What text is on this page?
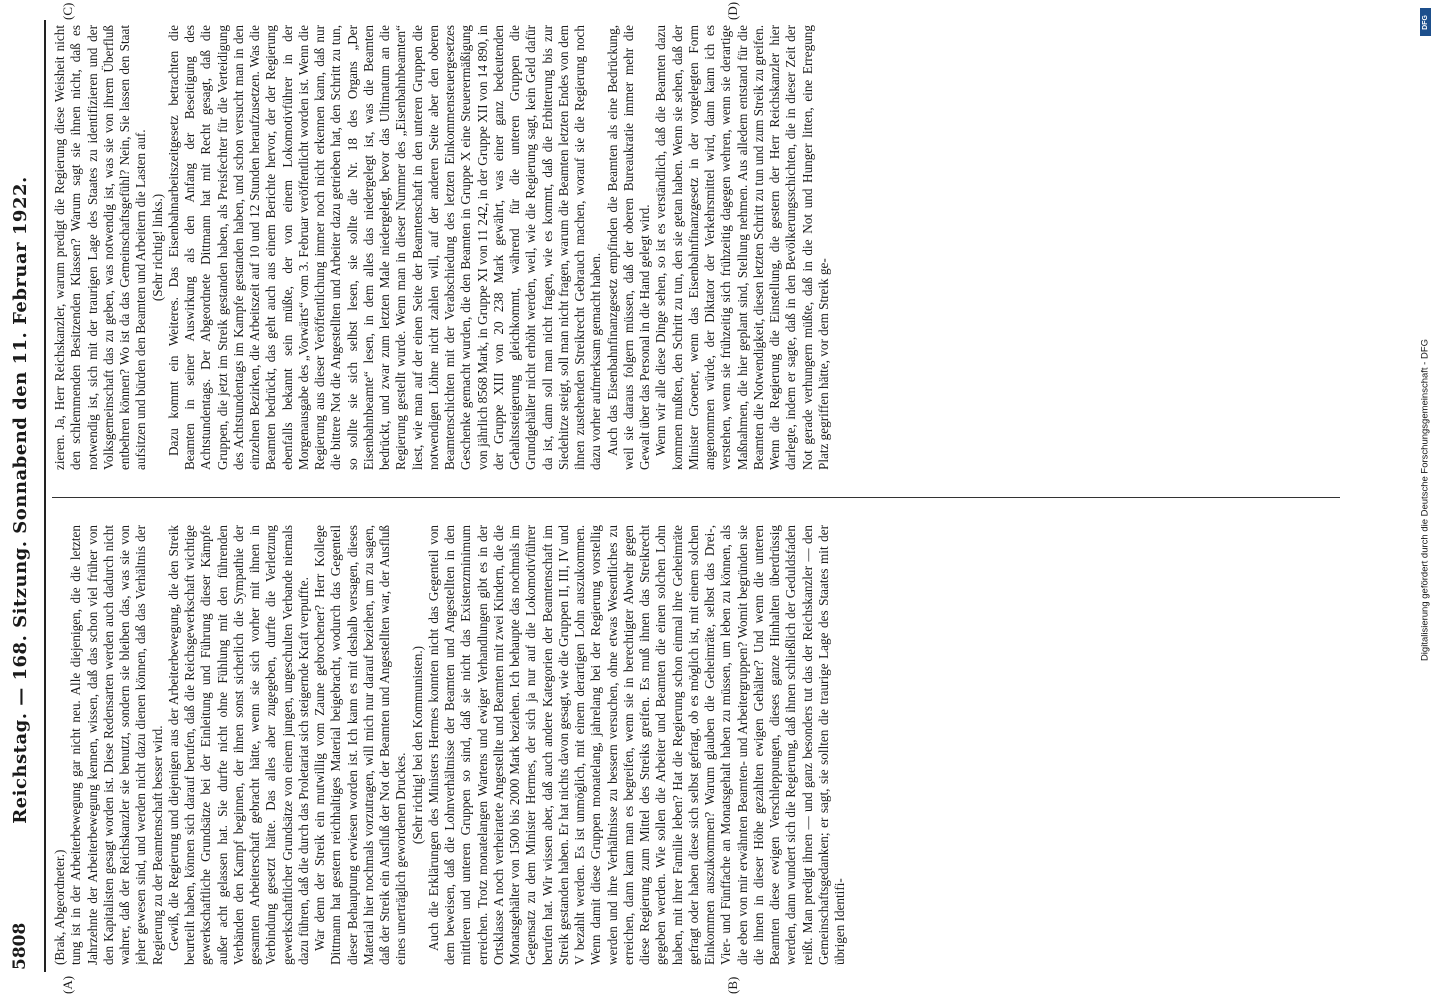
5808
Reichstag. — 168. Sitzung. Sonnabend den 11. Februar 1922.

(Brak, Abgeordneter.) tung ist in der Arbeiterbewegung gar nicht neu. Alle diejenigen, die die letzten Jahrzehnte der Arbeiterbewegung kennen, wissen, daß das schon viel früher von den Kapitalisten gesagt worden ist. Diese Redensarten werden auch dadurch nicht wahrer, daß der Reichskanzler sie benutzt, sondern sie bleiben das, was sie von jeher gewesen sind, und werden nicht dazu dienen können, daß das Verhältnis der Regierung zu der Beamtenschaft besser wird. Gewiß, die Regierung und diejenigen aus der Arbeiterbewegung, die den Streik beurteilt haben, können sich darauf berufen, daß die Reichsgewerkschaft wichtige gewerkschaftliche Grundsätze bei der Einleitung und Führung dieser Kämpfe außer acht gelassen hat. Sie durfte nicht ohne Fühlung mit den führenden Verbänden den Kampf beginnen, der ihnen sonst sicherlich die Sympathie der gesamten Arbeiterschaft gebracht hätte, wenn sie sich vorher mit ihnen in Verbindung gesetzt hätte. Das alles aber zugegeben, durfte die Verletzung gewerkschaftlicher Grundsätze von einem jungen, ungeschulten Verbande niemals dazu führen, daß die durch das Proletariat sich steigernde Kraft verpuffte. War denn der Streik ein mutwillig vom Zaune gebrochener? Herr Kollege Dittmann hat gestern reichhaltiges Material beigebracht, wodurch das Gegenteil dieser Behauptung erwiesen worden ist. Ich kann es mit deshalb versagen, dieses Material hier nochmals vorzutragen, will mich nur darauf beziehen, um zu sagen, daß der Streik ein Ausfluß der Not der Beamten und Angestellten war, der Ausfluß eines unerträglich gewordenen Druckes.

(Sehr richtig! bei den Kommunisten.) Auch die Erklärungen des Ministers Hermes konnten nicht das Gegenteil von dem beweisen, daß die Lohnverhältnisse der Beamten und Angestellten in den mittleren und unteren Gruppen so sind, daß sie nicht das Existenzminimum erreichen. Trotz monatelangen Wartens und ewiger Verhandlungen gibt es in der Ortsklasse A noch verheiratete Angestellte und Beamten mit zwei Kindern, die die Monatsgehälter von 1500 bis 2000 Mark beziehen. Ich behaupte das nochmals im Gegensatz zu dem Minister Hermes, der sich ja nur auf die Lokomotivführer berufen hat. Wir wissen aber, daß auch andere Kategorien der Beamtenschaft im Streik gestanden haben. Er hat nichts davon gesagt, wie die Gruppen II, III, IV und V bezahlt werden. Es ist unmöglich, mit einem derartigen Lohn auszukommen. Wenn damit diese Gruppen monatelang, jahrelang bei der Regierung vorstellig werden und ihre Verhältnisse zu bessern versuchen, ohne etwas Wesentliches zu erreichen, dann kann man es begreifen, wenn sie in berechtigter Abwehr gegen diese Regierung zum Mittel des Streiks greifen. Es muß ihnen das Streikrecht gegeben werden. Wie sollen die Arbeiter und Beamten die einen solchen Lohn haben, mit ihrer Familie leben? Hat die Regierung schon einmal ihre Geheimräte gefragt oder haben diese sich selbst gefragt, ob es möglich ist, mit einem solchen Einkommen auszukommen? Warum glauben die Geheimräte, selbst das Drei-, Vier- und Fünffache an Monatsgehalt haben zu müssen, um leben zu können, als die eben von mir erwähnten Beamten- und Arbeitergruppen? Womit begründen sie die ihnen in dieser Höhe gezahlten ewigen Gehälter? Und wenn die unteren Beamten diese ewigen Verschleppungen, dieses ganze Hinhalten überdrüssig werden, dann wundert sich die Regierung, daß ihnen schließlich der Geduldsfaden reißt. Man predigt ihnen — und ganz besonders tut das der Reichskanzler — den Gemeinschaftsgedanken; er sagt, sie sollten die traurige Lage des Staates mit der übrigen Identifi-

zieren. Ja, Herr Reichskanzler, warum predigt die Regierung diese Weisheit nicht den schlemmenden Besitzenden Klassen? Warum sagt sie ihnen nicht, daß es notwendig ist, sich mit der traurigen Lage des Staates zu identifizieren und der Volksgemeinschaft das zu geben, was notwendig ist, was sie von ihrem Überfluß entbehren können? Wo ist da das Gemeinschaftsgefühl? Nein, Sie lassen den Staat aufsitzen und bürden den Beamten und Arbeitern die Lasten auf. (Sehr richtig! links.) Dazu kommt ein Weiteres. Das Eisenbahnarbeitszeitgesetz betrachten die Beamten in seiner Auswirkung als den Anfang der Beseitigung des Achtstundentags. Der Abgeordnete Dittmann hat mit Recht gesagt, daß die Gruppen, die jetzt im Streik gestanden haben, als Preisfechter für die Verteidigung des Achtstundentags im Kampfe gestanden haben, und schon versucht man in den einzelnen Bezirken, die Arbeitszeit auf 10 und 12 Stunden heraufzusetzen. Was die Beamten bedrückt, das geht auch aus einem Berichte hervor, der der Regierung ebenfalls bekannt sein müßte, der von einem Lokomotivführer in der Morgenausgabe des „Vorwärts“ vom 3. Februar veröffentlicht worden ist. Wenn die Regierung aus dieser Veröffentlichung immer noch nicht erkennen kann, daß nur die bittere Not die Angestellten und Arbeiter dazu getrieben hat, den Schritt zu tun, so sollte sie sich selbst lesen, sie sollte die Nr. 18 des Organs „Der Eisenbahnbeamte“ lesen, in dem alles das niedergelegt ist, was die Beamten bedrückt, und zwar zum letzten Male niedergelegt, bevor das Ultimatum an die Regierung gestellt wurde. Wenn man in dieser Nummer des „Eisenbahnbeamten“ liest, wie man auf der einen Seite der Beamtenschaft in den unteren Gruppen die notwendigen Löhne nicht zahlen will, auf der anderen Seite aber den oberen Beamtenschichten mit der Verabschiedung des letzten Einkommensteuergesetzes Geschenke gemacht wurden, die den Beamten in Gruppe X eine Steuerermäßigung von jährlich 8568 Mark, in Gruppe XI von 11 242, in der Gruppe XII von 14 890, in der Gruppe XIII von 20 238 Mark gewährt, was einer ganz bedeutenden Gehaltssteigerung gleichkommt, während für die unteren Gruppen die Grundgehälter nicht erhöht werden, weil, wie die Regierung sagt, kein Geld dafür da ist, dann soll man nicht fragen, wie es kommt, daß die Erbitterung bis zur Siedehitze steigt, soll man nicht fragen, warum die Beamten letzten Endes von dem ihnen zustehenden Streikrecht Gebrauch machen, worauf sie die Regierung noch dazu vorher aufmerksam gemacht haben. Auch das Eisenbahnfinanzgesetz empfinden die Beamten als eine Bedrückung, weil sie daraus folgern müssen, daß der oberen Bureaukratie immer mehr die Gewalt über das Personal in die Hand gelegt wird. Wenn wir alle diese Dinge sehen, so ist es verständlich, daß die Beamten dazu kommen mußten, den Schritt zu tun, den sie getan haben. Wenn sie sehen, daß der Minister Groener, wenn das Eisenbahnfinanzgesetz in der vorgelegten Form angenommen würde, der Diktator der Verkehrsmittel wird, dann kann ich es verstehen, wenn sie frühzeitig sich frühzeitig dagegen wehren, wenn sie derartige Maßnahmen, die hier geplant sind, Stellung nehmen. Aus alledem entstand für die Beamten die Notwendigkeit, diesen letzten Schritt zu tun und zum Streik zu greifen. Wenn die Regierung die Einstellung, die gestern der Herr Reichskanzler hier darlegte, indem er sagte, daß in den Bevölkerungsschichten, die in dieser Zeit der Not gerade verhungern müßte, daß in die Not und Hunger litten, eine Erregung Platz gegriffen hätte, vor dem Streik ge-

(A)	(B)
(C)	(D)
DFG
Digitalisierung gefördert durch die Deutsche Forschungsgemeinschaft - DFG
